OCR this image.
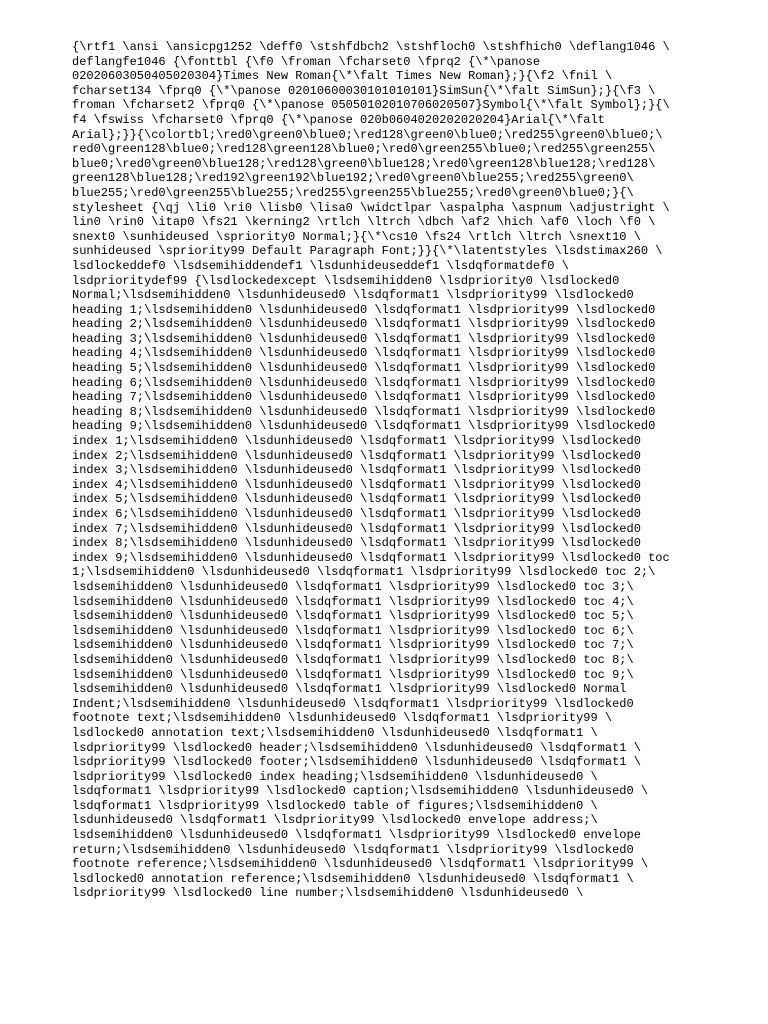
{\rtf1 \ansi \ansicpg1252 \deff0 \stshfdbch2 \stshfloch0 \stshfhich0 \deflang1046 \
deflangfe1046 {\fonttbl {\f0 \froman \fcharset0 \fprq2 {\*\panose
02020603050405020304}Times New Roman{\*\falt Times New Roman};}{\f2 \fnil \
fcharset134 \fprq0 {\*\panose 02010600030101010101}SimSun{\*\falt SimSun};}{\f3 \
froman \fcharset2 \fprq0 {\*\panose 05050102010706020507}Symbol{\*\falt Symbol};}{\
f4 \fswiss \fcharset0 \fprq0 {\*\panose 020b0604020202020204}Arial{\*\falt
Arial};}}{\colortbl;\red0\green0\blue0;\red128\green0\blue0;\red255\green0\blue0;\
red0\green128\blue0;\red128\green128\blue0;\red0\green255\blue0;\red255\green255\
blue0;\red0\green0\blue128;\red128\green0\blue128;\red0\green128\blue128;\red128\
green128\blue128;\red192\green192\blue192;\red0\green0\blue255;\red255\green0\
blue255;\red0\green255\blue255;\red255\green255\blue255;\red0\green0\blue0;}{\
stylesheet {\qj \li0 \ri0 \lisb0 \lisa0 \widctlpar \aspalpha \aspnum \adjustright \
lin0 \rin0 \itap0 \fs21 \kerning2 \rtlch \ltrch \dbch \af2 \hich \af0 \loch \f0 \
snext0 \sunhideused \spriority0 Normal;}{\*\cs10 \fs24 \rtlch \ltrch \snext10 \
sunhideused \spriority99 Default Paragraph Font;}}{\*\latentstyles \lsdstimax260 \
lsdlockeddef0 \lsdsemihiddendef1 \lsdunhideuseddef1 \lsdqformatdef0 \
lsdprioritydef99 {\lsdlockedexcept \lsdsemihidden0 \lsdpriority0 \lsdlocked0
Normal;\lsdsemihidden0 \lsdunhideused0 \lsdqformat1 \lsdpriority99 \lsdlocked0
heading 1;\lsdsemihidden0 \lsdunhideused0 \lsdqformat1 \lsdpriority99 \lsdlocked0
heading 2;\lsdsemihidden0 \lsdunhideused0 \lsdqformat1 \lsdpriority99 \lsdlocked0
heading 3;\lsdsemihidden0 \lsdunhideused0 \lsdqformat1 \lsdpriority99 \lsdlocked0
heading 4;\lsdsemihidden0 \lsdunhideused0 \lsdqformat1 \lsdpriority99 \lsdlocked0
heading 5;\lsdsemihidden0 \lsdunhideused0 \lsdqformat1 \lsdpriority99 \lsdlocked0
heading 6;\lsdsemihidden0 \lsdunhideused0 \lsdqformat1 \lsdpriority99 \lsdlocked0
heading 7;\lsdsemihidden0 \lsdunhideused0 \lsdqformat1 \lsdpriority99 \lsdlocked0
heading 8;\lsdsemihidden0 \lsdunhideused0 \lsdqformat1 \lsdpriority99 \lsdlocked0
heading 9;\lsdsemihidden0 \lsdunhideused0 \lsdqformat1 \lsdpriority99 \lsdlocked0
index 1;\lsdsemihidden0 \lsdunhideused0 \lsdqformat1 \lsdpriority99 \lsdlocked0
index 2;\lsdsemihidden0 \lsdunhideused0 \lsdqformat1 \lsdpriority99 \lsdlocked0
index 3;\lsdsemihidden0 \lsdunhideused0 \lsdqformat1 \lsdpriority99 \lsdlocked0
index 4;\lsdsemihidden0 \lsdunhideused0 \lsdqformat1 \lsdpriority99 \lsdlocked0
index 5;\lsdsemihidden0 \lsdunhideused0 \lsdqformat1 \lsdpriority99 \lsdlocked0
index 6;\lsdsemihidden0 \lsdunhideused0 \lsdqformat1 \lsdpriority99 \lsdlocked0
index 7;\lsdsemihidden0 \lsdunhideused0 \lsdqformat1 \lsdpriority99 \lsdlocked0
index 8;\lsdsemihidden0 \lsdunhideused0 \lsdqformat1 \lsdpriority99 \lsdlocked0
index 9;\lsdsemihidden0 \lsdunhideused0 \lsdqformat1 \lsdpriority99 \lsdlocked0 toc
1;\lsdsemihidden0 \lsdunhideused0 \lsdqformat1 \lsdpriority99 \lsdlocked0 toc 2;\
lsdsemihidden0 \lsdunhideused0 \lsdqformat1 \lsdpriority99 \lsdlocked0 toc 3;\
lsdsemihidden0 \lsdunhideused0 \lsdqformat1 \lsdpriority99 \lsdlocked0 toc 4;\
lsdsemihidden0 \lsdunhideused0 \lsdqformat1 \lsdpriority99 \lsdlocked0 toc 5;\
lsdsemihidden0 \lsdunhideused0 \lsdqformat1 \lsdpriority99 \lsdlocked0 toc 6;\
lsdsemihidden0 \lsdunhideused0 \lsdqformat1 \lsdpriority99 \lsdlocked0 toc 7;\
lsdsemihidden0 \lsdunhideused0 \lsdqformat1 \lsdpriority99 \lsdlocked0 toc 8;\
lsdsemihidden0 \lsdunhideused0 \lsdqformat1 \lsdpriority99 \lsdlocked0 toc 9;\
lsdsemihidden0 \lsdunhideused0 \lsdqformat1 \lsdpriority99 \lsdlocked0 Normal
Indent;\lsdsemihidden0 \lsdunhideused0 \lsdqformat1 \lsdpriority99 \lsdlocked0
footnote text;\lsdsemihidden0 \lsdunhideused0 \lsdqformat1 \lsdpriority99 \
lsdlocked0 annotation text;\lsdsemihidden0 \lsdunhideused0 \lsdqformat1 \
lsdpriority99 \lsdlocked0 header;\lsdsemihidden0 \lsdunhideused0 \lsdqformat1 \
lsdpriority99 \lsdlocked0 footer;\lsdsemihidden0 \lsdunhideused0 \lsdqformat1 \
lsdpriority99 \lsdlocked0 index heading;\lsdsemihidden0 \lsdunhideused0 \
lsdqformat1 \lsdpriority99 \lsdlocked0 caption;\lsdsemihidden0 \lsdunhideused0 \
lsdqformat1 \lsdpriority99 \lsdlocked0 table of figures;\lsdsemihidden0 \
lsdunhideused0 \lsdqformat1 \lsdpriority99 \lsdlocked0 envelope address;\
lsdsemihidden0 \lsdunhideused0 \lsdqformat1 \lsdpriority99 \lsdlocked0 envelope
return;\lsdsemihidden0 \lsdunhideused0 \lsdqformat1 \lsdpriority99 \lsdlocked0
footnote reference;\lsdsemihidden0 \lsdunhideused0 \lsdqformat1 \lsdpriority99 \
lsdlocked0 annotation reference;\lsdsemihidden0 \lsdunhideused0 \lsdqformat1 \
lsdpriority99 \lsdlocked0 line number;\lsdsemihidden0 \lsdunhideused0 \
